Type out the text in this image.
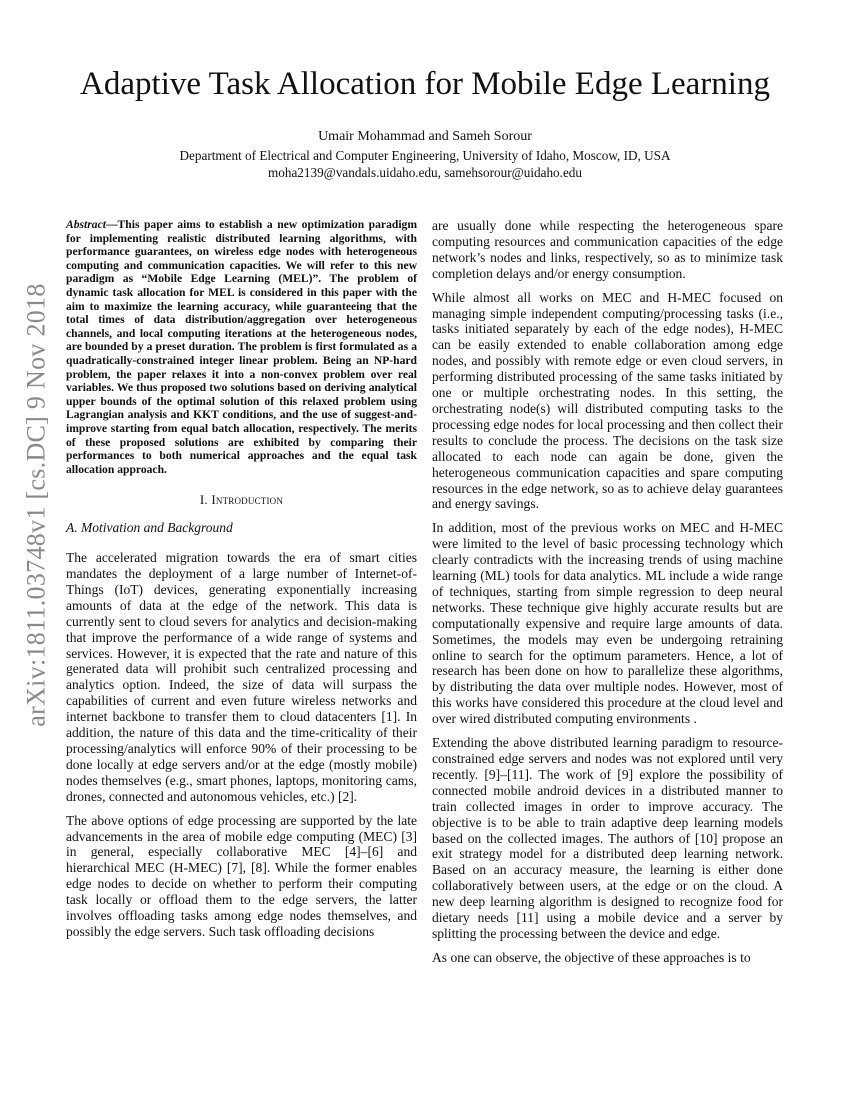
arXiv:1811.03748v1 [cs.DC] 9 Nov 2018
Adaptive Task Allocation for Mobile Edge Learning
Umair Mohammad and Sameh Sorour
Department of Electrical and Computer Engineering, University of Idaho, Moscow, ID, USA
moha2139@vandals.uidaho.edu, samehsorour@uidaho.edu

Abstract—This paper aims to establish a new optimization paradigm for implementing realistic distributed learning algorithms, with performance guarantees, on wireless edge nodes with heterogeneous computing and communication capacities. We will refer to this new paradigm as “Mobile Edge Learning (MEL)”. The problem of dynamic task allocation for MEL is considered in this paper with the aim to maximize the learning accuracy, while guaranteeing that the total times of data distribution/aggregation over heterogeneous channels, and local computing iterations at the heterogeneous nodes, are bounded by a preset duration. The problem is first formulated as a quadratically-constrained integer linear problem. Being an NP-hard problem, the paper relaxes it into a non-convex problem over real variables. We thus proposed two solutions based on deriving analytical upper bounds of the optimal solution of this relaxed problem using Lagrangian analysis and KKT conditions, and the use of suggest-and-improve starting from equal batch allocation, respectively. The merits of these proposed solutions are exhibited by comparing their performances to both numerical approaches and the equal task allocation approach.

I. Introduction
A. Motivation and Background

The accelerated migration towards the era of smart cities mandates the deployment of a large number of Internet-of-Things (IoT) devices, generating exponentially increasing amounts of data at the edge of the network. This data is currently sent to cloud severs for analytics and decision-making that improve the performance of a wide range of systems and services. However, it is expected that the rate and nature of this generated data will prohibit such centralized processing and analytics option. Indeed, the size of data will surpass the capabilities of current and even future wireless networks and internet backbone to transfer them to cloud datacenters [1]. In addition, the nature of this data and the time-criticality of their processing/analytics will enforce 90% of their processing to be done locally at edge servers and/or at the edge (mostly mobile) nodes themselves (e.g., smart phones, laptops, monitoring cams, drones, connected and autonomous vehicles, etc.) [2].

The above options of edge processing are supported by the late advancements in the area of mobile edge computing (MEC) [3] in general, especially collaborative MEC [4]–[6] and hierarchical MEC (H-MEC) [7], [8]. While the former enables edge nodes to decide on whether to perform their computing task locally or offload them to the edge servers, the latter involves offloading tasks among edge nodes themselves, and possibly the edge servers. Such task offloading decisions

are usually done while respecting the heterogeneous spare computing resources and communication capacities of the edge network’s nodes and links, respectively, so as to minimize task completion delays and/or energy consumption.

While almost all works on MEC and H-MEC focused on managing simple independent computing/processing tasks (i.e., tasks initiated separately by each of the edge nodes), H-MEC can be easily extended to enable collaboration among edge nodes, and possibly with remote edge or even cloud servers, in performing distributed processing of the same tasks initiated by one or multiple orchestrating nodes. In this setting, the orchestrating node(s) will distributed computing tasks to the processing edge nodes for local processing and then collect their results to conclude the process. The decisions on the task size allocated to each node can again be done, given the heterogeneous communication capacities and spare computing resources in the edge network, so as to achieve delay guarantees and energy savings.

In addition, most of the previous works on MEC and H-MEC were limited to the level of basic processing technology which clearly contradicts with the increasing trends of using machine learning (ML) tools for data analytics. ML include a wide range of techniques, starting from simple regression to deep neural networks. These technique give highly accurate results but are computationally expensive and require large amounts of data. Sometimes, the models may even be undergoing retraining online to search for the optimum parameters. Hence, a lot of research has been done on how to parallelize these algorithms, by distributing the data over multiple nodes. However, most of this works have considered this procedure at the cloud level and over wired distributed computing environments .

Extending the above distributed learning paradigm to resource-constrained edge servers and nodes was not explored until very recently. [9]–[11]. The work of [9] explore the possibility of connected mobile android devices in a distributed manner to train collected images in order to improve accuracy. The objective is to be able to train adaptive deep learning models based on the collected images. The authors of [10] propose an exit strategy model for a distributed deep learning network. Based on an accuracy measure, the learning is either done collaboratively between users, at the edge or on the cloud. A new deep learning algorithm is designed to recognize food for dietary needs [11] using a mobile device and a server by splitting the processing between the device and edge.

As one can observe, the objective of these approaches is to
